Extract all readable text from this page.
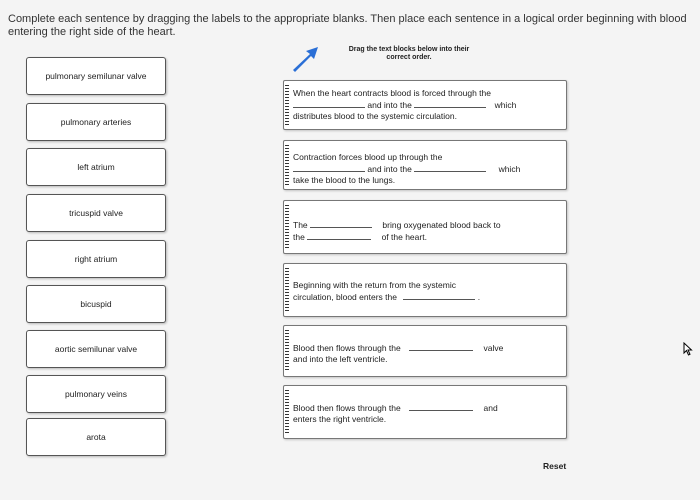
Complete each sentence by dragging the labels to the appropriate blanks. Then place each sentence in a logical order beginning with blood entering the right side of the heart.
pulmonary semilunar valve
pulmonary arteries
left atrium
tricuspid valve
right atrium
bicuspid
aortic semilunar valve
pulmonary veins
arota
Drag the text blocks below into their
correct order.
When the heart contracts blood is forced through the
and into the	which
distributes blood to the systemic circulation.
Contraction forces blood up through the
and into the	which
take the blood to the lungs.
The	bring oxygenated blood back to
the	of the heart.
Beginning with the return from the systemic
circulation, blood enters the	.
Blood then flows through the	valve
and into the left ventricle.
Blood then flows through the	and
enters the right ventricle.
Reset
